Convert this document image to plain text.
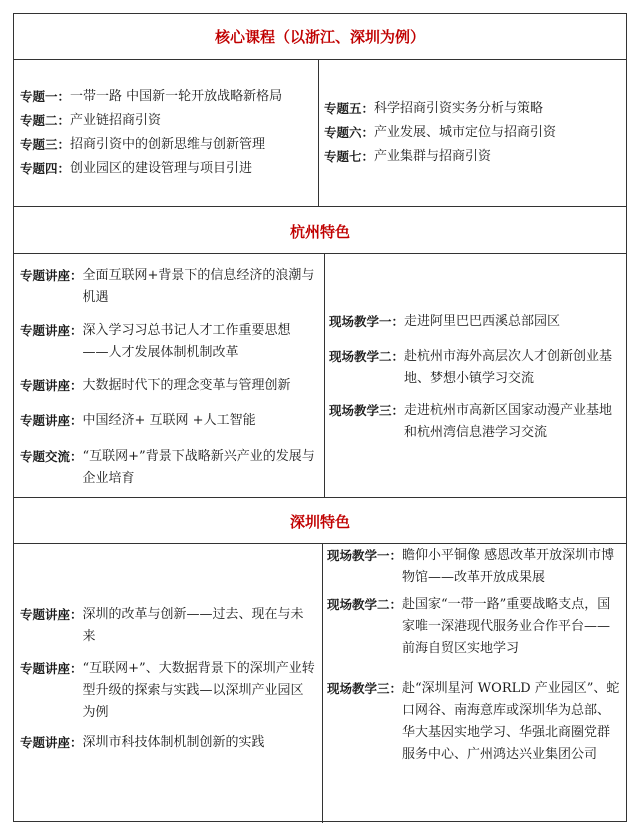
核心课程（以浙江、深圳为例）
专题一： 一带一路 中国新一轮开放战略新格局
专题二： 产业链招商引资
专题三： 招商引资中的创新思维与创新管理
专题四： 创业园区的建设管理与项目引进
专题五： 科学招商引资实务分析与策略
专题六： 产业发展、城市定位与招商引资
专题七： 产业集群与招商引资
杭州特色
专题讲座： 全面互联网+背景下的信息经济的浪潮与机遇
专题讲座： 深入学习习总书记人才工作重要思想——人才发展体制机制改革
专题讲座： 大数据时代下的理念变革与管理创新
专题讲座： 中国经济+ 互联网 +人工智能
专题交流： “互联网+”背景下战略新兴产业的发展与企业培育
现场教学一： 走进阿里巴巴西溪总部园区
现场教学二： 赴杭州市海外高层次人才创新创业基地、梦想小镇学习交流
现场教学三： 走进杭州市高新区国家动漫产业基地和杭州湾信息港学习交流
深圳特色
专题讲座： 深圳的改革与创新——过去、现在与未来
专题讲座： “互联网+”、大数据背景下的深圳产业转型升级的探索与实践—以深圳产业园区为例
专题讲座： 深圳市科技体制机制创新的实践
现场教学一： 瞻仰小平铜像 感恩改革开放深圳市博物馆——改革开放成果展
现场教学二： 赴国家“一带一路”重要战略支点，国家唯一深港现代服务业合作平台——前海自贸区实地学习
现场教学三： 赴“深圳星河 WORLD 产业园区”、蛇口网谷、南海意库或深圳华为总部、华大基因实地学习、华强北商圈党群服务中心、广州鸿达兴业集团公司
